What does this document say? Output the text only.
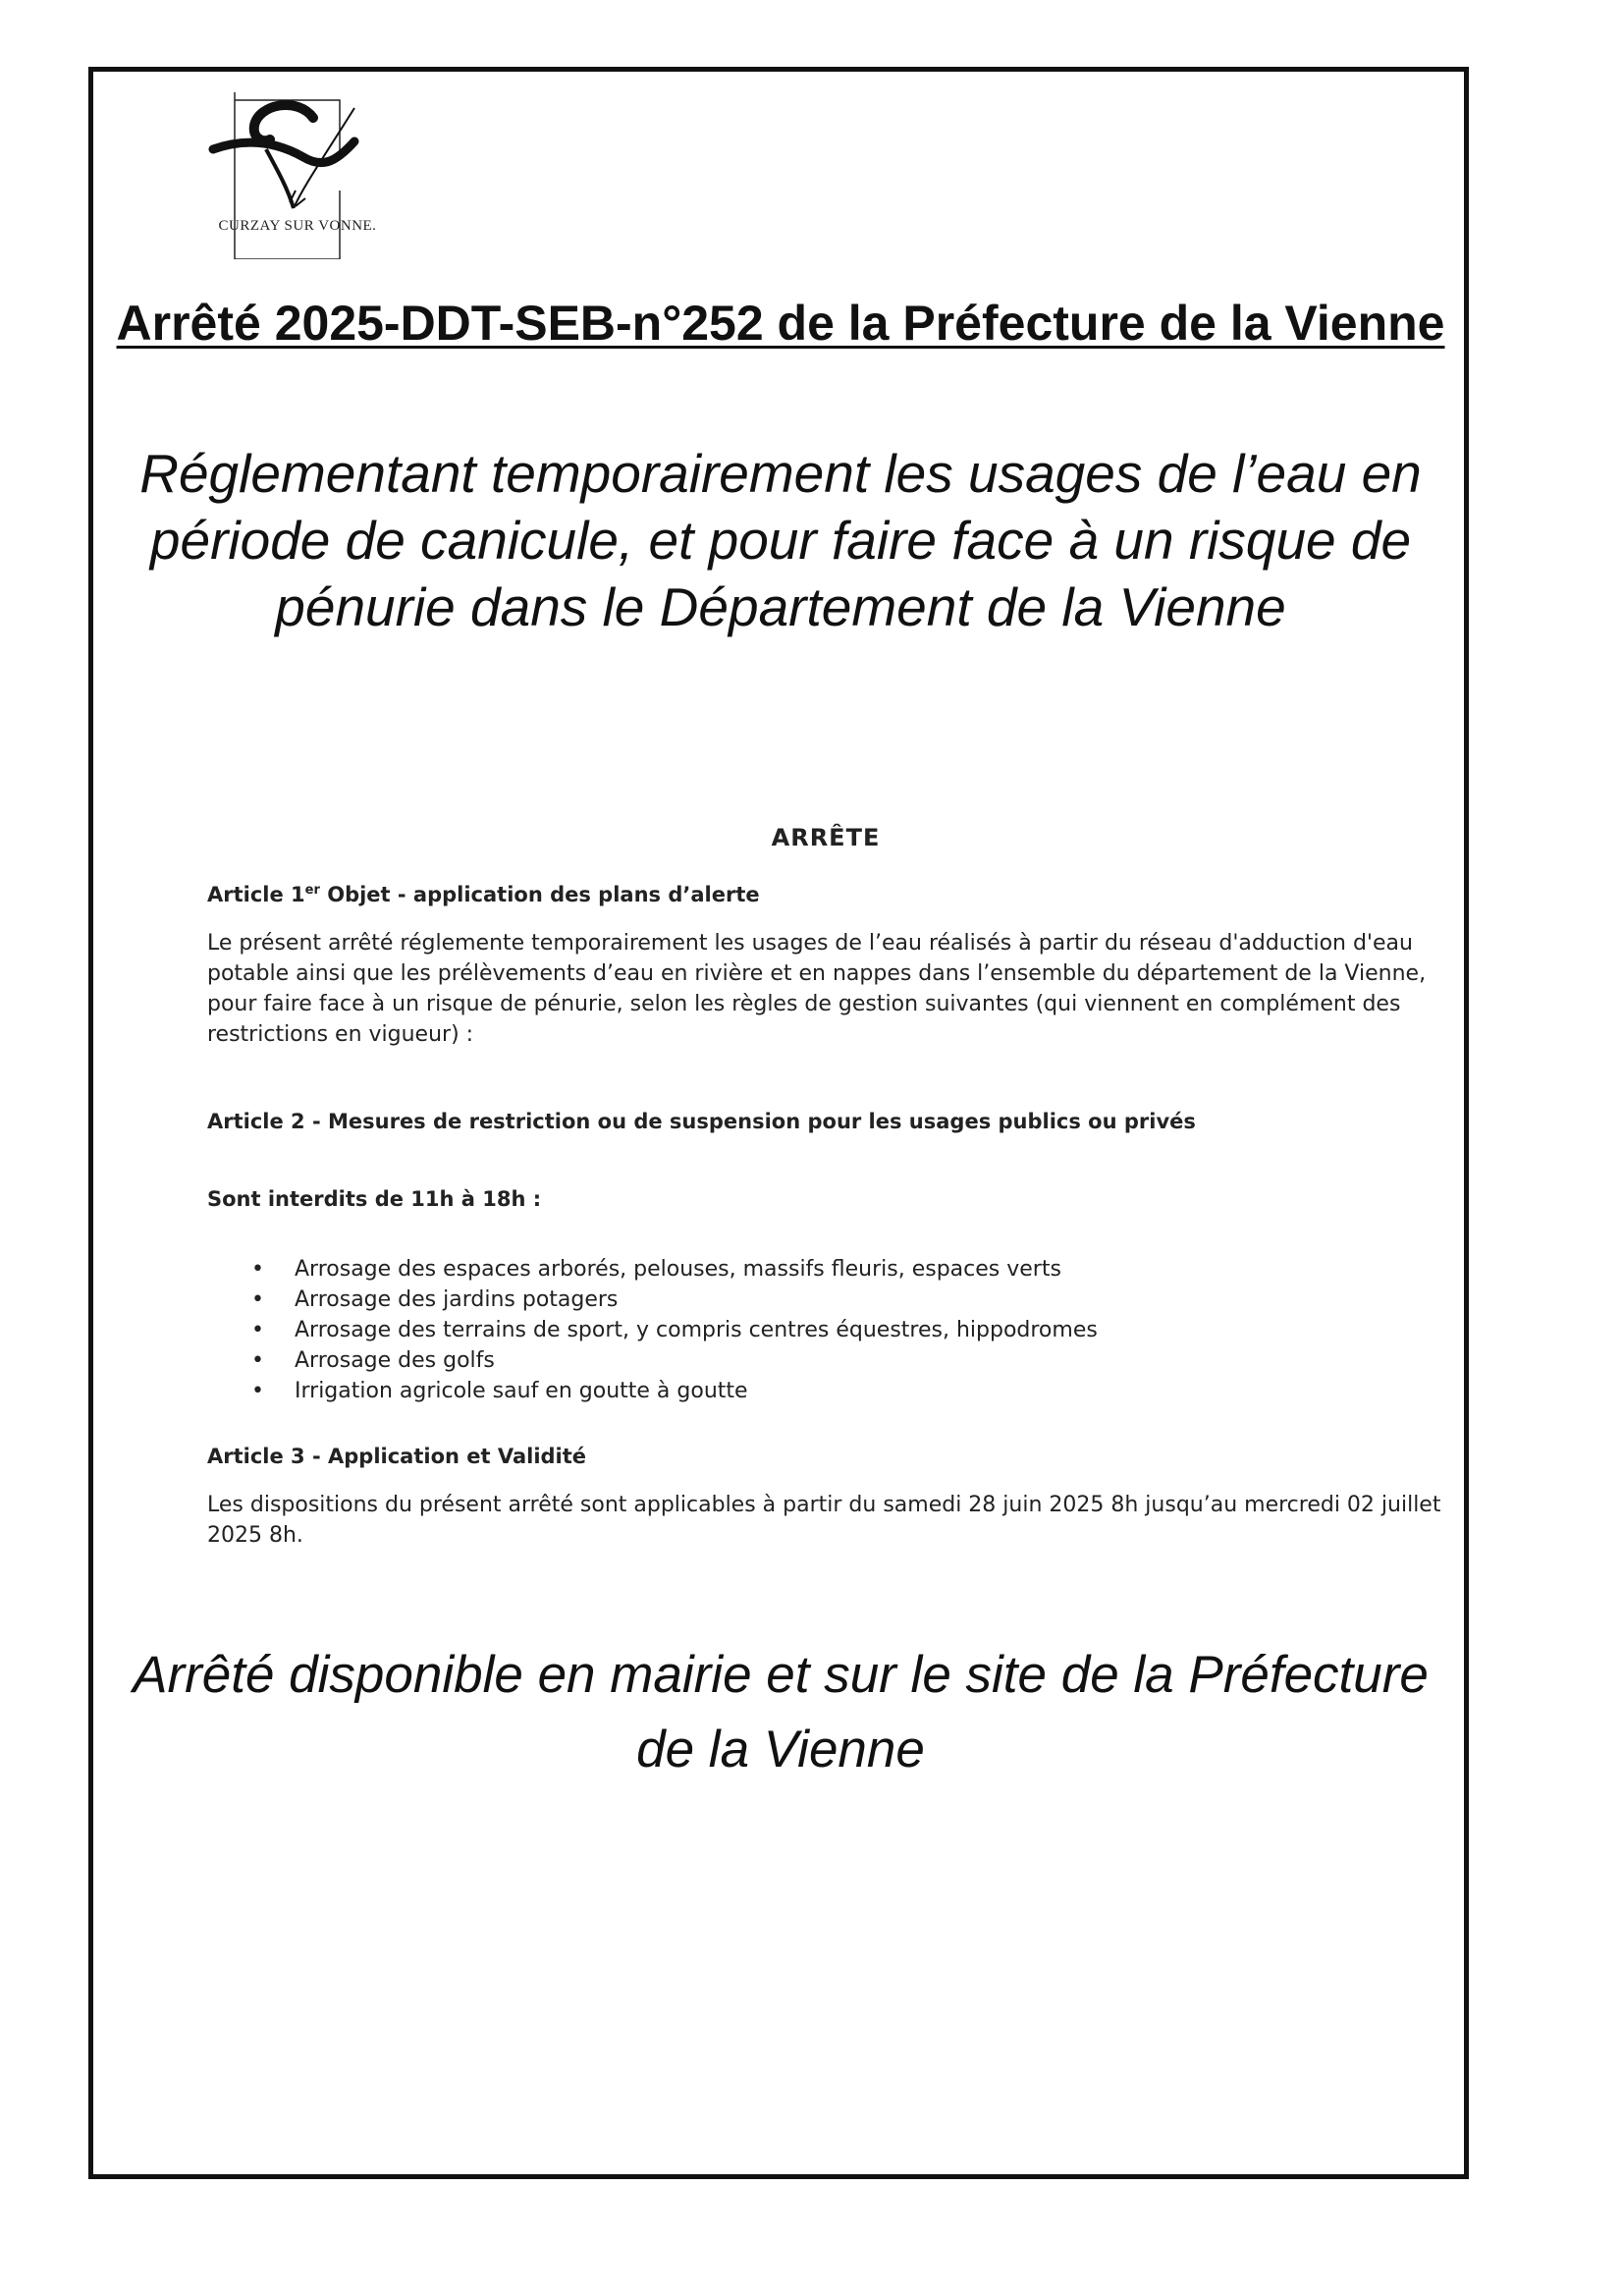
CURZAY SUR VONNE.
Arrêté 2025-DDT-SEB-n°252 de la Préfecture de la Vienne

Réglementant temporairement les usages de l’eau en période de canicule, et pour faire face à un risque de pénurie dans le Département de la Vienne

ARRÊTE
Article 1er Objet - application des plans d’alerte

Le présent arrêté réglemente temporairement les usages de l’eau réalisés à partir du réseau d'adduction d'eau potable ainsi que les prélèvements d’eau en rivière et en nappes dans l’ensemble du département de la Vienne, pour faire face à un risque de pénurie, selon les règles de gestion suivantes (qui viennent en complément des restrictions en vigueur) :

Article 2 - Mesures de restriction ou de suspension pour les usages publics ou privés
Sont interdits de 11h à 18h :
• Arrosage des espaces arborés, pelouses, massifs fleuris, espaces verts
• Arrosage des jardins potagers
• Arrosage des terrains de sport, y compris centres équestres, hippodromes
• Arrosage des golfs
• Irrigation agricole sauf en goutte à goutte
Article 3 - Application et Validité

Les dispositions du présent arrêté sont applicables à partir du samedi 28 juin 2025 8h jusqu’au mercredi 02 juillet 2025 8h.

Arrêté disponible en mairie et sur le site de la Préfecture de la Vienne
